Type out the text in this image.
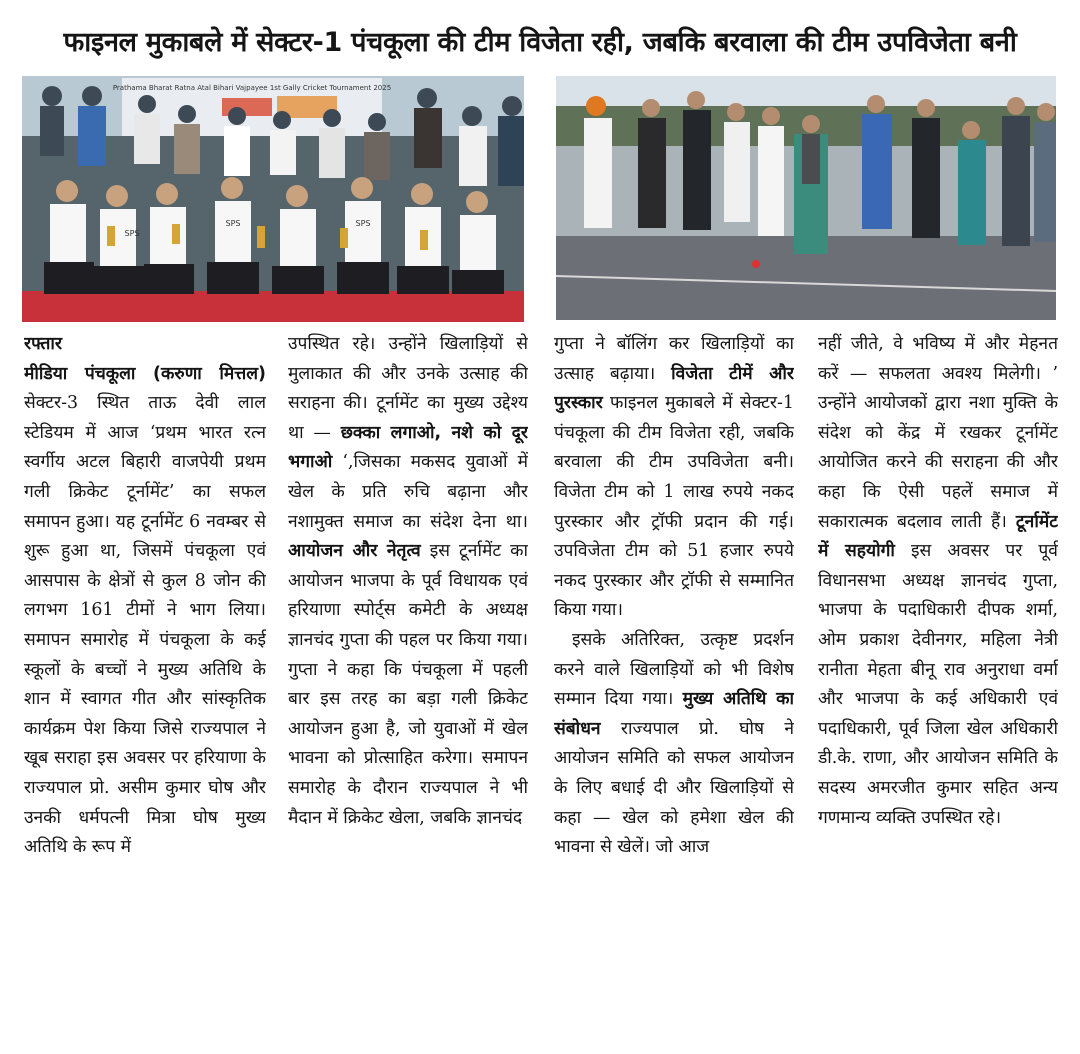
फाइनल मुकाबले में सेक्टर-1 पंचकूला की टीम विजेता रही, जबकि बरवाला की टीम उपविजेता बनी
Prathama Bharat Ratna Atal Bihari Vajpayee 1st Gally Cricket Tournament 2025
SPS
SPS	SPS

रफ्तार
मीडिया पंचकूला (करुणा मित्तल) सेक्टर-3 स्थित ताऊ देवी लाल स्टेडियम में आज ‘प्रथम भारत रत्न स्वर्गीय अटल बिहारी वाजपेयी प्रथम गली क्रिकेट टूर्नामेंट’ का सफल समापन हुआ। यह टूर्नामेंट 6 नवम्बर से शुरू हुआ था, जिसमें पंचकूला एवं आसपास के क्षेत्रों से कुल 8 जोन की लगभग 161 टीमों ने भाग लिया। समापन समारोह में पंचकूला के कई स्कूलों के बच्चों ने मुख्य अतिथि के शान में स्वागत गीत और सांस्कृतिक कार्यक्रम पेश किया जिसे राज्यपाल ने खूब सराहा इस अवसर पर हरियाणा के राज्यपाल प्रो. असीम कुमार घोष और उनकी धर्मपत्नी मित्रा घोष मुख्य अतिथि के रूप में

उपस्थित रहे। उन्होंने खिलाड़ियों से मुलाकात की और उनके उत्साह की सराहना की। टूर्नामेंट का मुख्य उद्देश्य था — छक्का लगाओ, नशे को दूर भगाओ ‘,जिसका मकसद युवाओं में खेल के प्रति रुचि बढ़ाना और नशामुक्त समाज का संदेश देना था। आयोजन और नेतृत्व इस टूर्नामेंट का आयोजन भाजपा के पूर्व विधायक एवं हरियाणा स्पोर्ट्स कमेटी के अध्यक्ष ज्ञानचंद गुप्ता की पहल पर किया गया। गुप्ता ने कहा कि पंचकूला में पहली बार इस तरह का बड़ा गली क्रिकेट आयोजन हुआ है, जो युवाओं में खेल भावना को प्रोत्साहित करेगा। समापन समारोह के दौरान राज्यपाल ने भी मैदान में क्रिकेट खेला, जबकि ज्ञानचंद

गुप्ता ने बॉलिंग कर खिलाड़ियों का उत्साह बढ़ाया। विजेता टीमें और पुरस्कार फाइनल मुकाबले में सेक्टर-1 पंचकूला की टीम विजेता रही, जबकि बरवाला की टीम उपविजेता बनी। विजेता टीम को 1 लाख रुपये नकद पुरस्कार और ट्रॉफी प्रदान की गई। उपविजेता टीम को 51 हजार रुपये नकद पुरस्कार और ट्रॉफी से सम्मानित किया गया।

इसके अतिरिक्त, उत्कृष्ट प्रदर्शन करने वाले खिलाड़ियों को भी विशेष सम्मान दिया गया। मुख्य अतिथि का संबोधन राज्यपाल प्रो. घोष ने आयोजन समिति को सफल आयोजन के लिए बधाई दी और खिलाड़ियों से कहा — खेल को हमेशा खेल की भावना से खेलें। जो आज

नहीं जीते, वे भविष्य में और मेहनत करें — सफलता अवश्य मिलेगी। ’ उन्होंने आयोजकों द्वारा नशा मुक्ति के संदेश को केंद्र में रखकर टूर्नामेंट आयोजित करने की सराहना की और कहा कि ऐसी पहलें समाज में सकारात्मक बदलाव लाती हैं। टूर्नामेंट में सहयोगी इस अवसर पर पूर्व विधानसभा अध्यक्ष ज्ञानचंद गुप्ता, भाजपा के पदाधिकारी दीपक शर्मा, ओम प्रकाश देवीनगर, महिला नेत्री रानीता मेहता बीनू राव अनुराधा वर्मा और भाजपा के कई अधिकारी एवं पदाधिकारी, पूर्व जिला खेल अधिकारी डी.के. राणा, और आयोजन समिति के सदस्य अमरजीत कुमार सहित अन्य गणमान्य व्यक्ति उपस्थित रहे।
